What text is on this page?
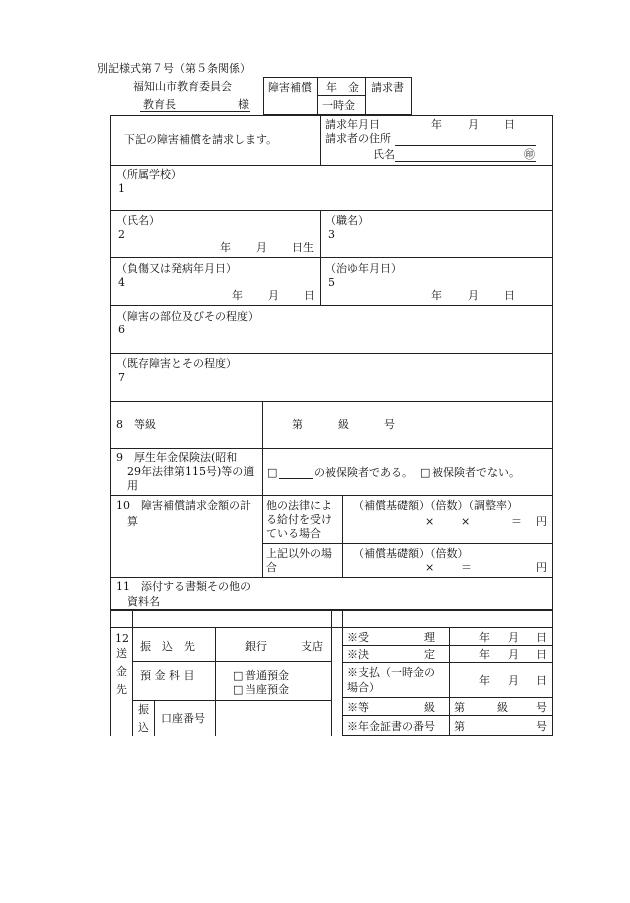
別記様式第７号（第５条関係）
福知山市教育委員会
教育長	様
障害補償 年　金
一時金
請求書
下記の障害補償を請求します。
請求年月日	年 月 日
請求者の住所
氏名	㊞
（所属学校）
1
（氏名）
2
年 月 日生
（職名）
3
（負傷又は発病年月日）
4
年 月 日
（治ゆ年月日）
5
年 月 日
（障害の部位及びその程度）
6
（既存障害とその程度）
7
8　等級	第	級	号
9　厚生年金保険法(昭和
29年法律第115号)等の適
用
□	の被保険者である。 □ 被保険者でない。
10　障害補償請求金額の計
算
他の法律によ
る給付を受け
ている場合
（補償基礎額）（倍数）（調整率）
× ×	＝ 円
上記以外の場
合
（補償基礎額）（倍数）
× ＝	円
11　添付する書類その他の
資料名
12
送
金
先
振　込　先	銀行	支店
預 金 科 目	□ 普通預金
□ 当座預金
振
込
口座番号
※受　　　　　理	年 月 日
※決　　　　　定	年 月 日
※支払（一時金の
場合）
年 月 日
※等　　　　　級 第	級	号
※年金証書の番号 第	号
